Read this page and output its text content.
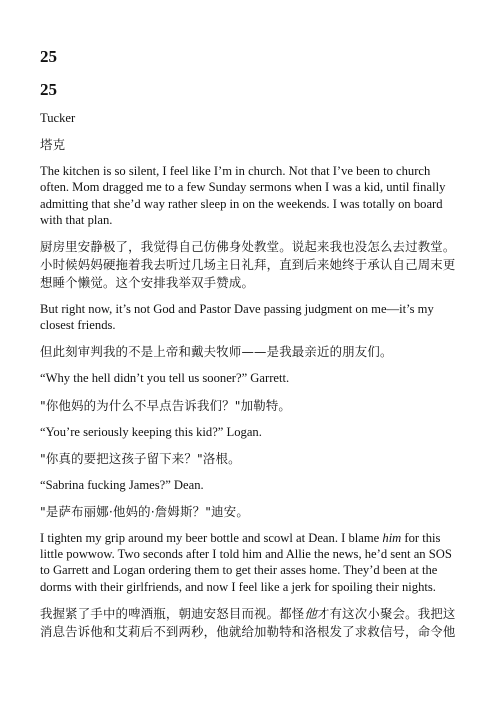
25
25

Tucker

塔克

The kitchen is so silent, I feel like I’m in church. Not that I’ve been to church
often. Mom dragged me to a few Sunday sermons when I was a kid, until finally
admitting that she’d way rather sleep in on the weekends. I was totally on board
with that plan.

厨房里安静极了，我觉得自己仿佛身处教堂。说起来我也没怎么去过教堂。
小时候妈妈硬拖着我去听过几场主日礼拜，直到后来她终于承认自己周末更
想睡个懒觉。这个安排我举双手赞成。

But right now, it’s not God and Pastor Dave passing judgment on me—it’s my
closest friends.

但此刻审判我的不是上帝和戴夫牧师——是我最亲近的朋友们。

“Why the hell didn’t you tell us sooner?” Garrett.

"你他妈的为什么不早点告诉我们？"加勒特。

“You’re seriously keeping this kid?” Logan.

"你真的要把这孩子留下来？"洛根。

“Sabrina fucking James?” Dean.

"是萨布丽娜·他妈的·詹姆斯？"迪安。

I tighten my grip around my beer bottle and scowl at Dean. I blame him for this
little powwow. Two seconds after I told him and Allie the news, he’d sent an SOS
to Garrett and Logan ordering them to get their asses home. They’d been at the
dorms with their girlfriends, and now I feel like a jerk for spoiling their nights.

我握紧了手中的啤酒瓶，朝迪安怒目而视。都怪他才有这次小聚会。我把这
消息告诉他和艾莉后不到两秒，他就给加勒特和洛根发了求救信号，命令他
